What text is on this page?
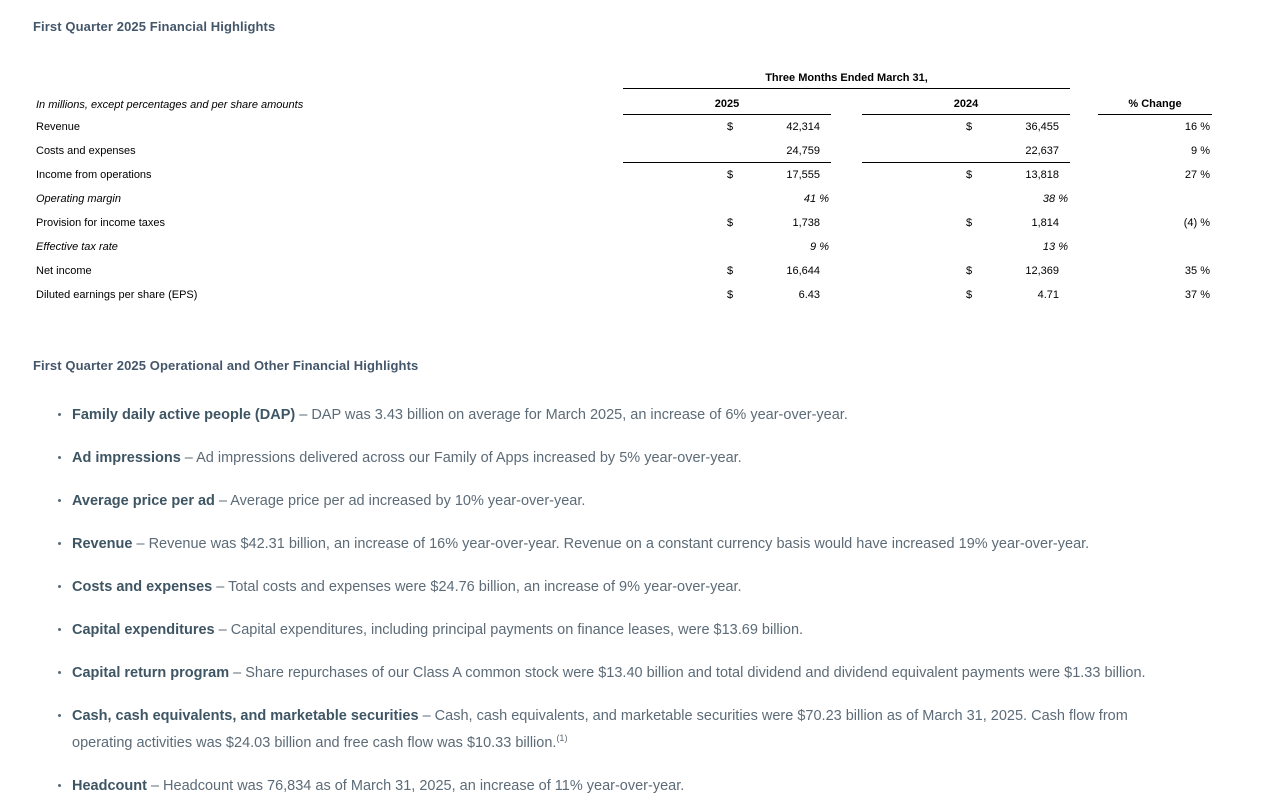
First Quarter 2025 Financial Highlights
Three Months Ended March 31,
In millions, except percentages and per share amounts	2025	2024	% Change
Revenue	$	42,314	$	36,455	16 %
Costs and expenses	24,759	22,637	9 %
Income from operations	$	17,555	$	13,818	27 %
Operating margin	41 %	38 %
Provision for income taxes	$	1,738	$	1,814	(4) %
Effective tax rate	9 %	13 %
Net income	$	16,644	$	12,369	35 %
Diluted earnings per share (EPS)	$	6.43	$	4.71	37 %
First Quarter 2025 Operational and Other Financial Highlights

Family daily active people (DAP) – DAP was 3.43 billion on average for March 2025, an increase of 6% year-over-year.

Ad impressions – Ad impressions delivered across our Family of Apps increased by 5% year-over-year.

Average price per ad – Average price per ad increased by 10% year-over-year.

Revenue – Revenue was $42.31 billion, an increase of 16% year-over-year. Revenue on a constant currency basis would have increased 19% year-over-year.

Costs and expenses – Total costs and expenses were $24.76 billion, an increase of 9% year-over-year.

Capital expenditures – Capital expenditures, including principal payments on finance leases, were $13.69 billion.

Capital return program – Share repurchases of our Class A common stock were $13.40 billion and total dividend and dividend equivalent payments were $1.33 billion.

Cash, cash equivalents, and marketable securities – Cash, cash equivalents, and marketable securities were $70.23 billion as of March 31, 2025. Cash flow from operating activities was $24.03 billion and free cash flow was $10.33 billion.$^{(1)}$

Headcount – Headcount was 76,834 as of March 31, 2025, an increase of 11% year-over-year.
